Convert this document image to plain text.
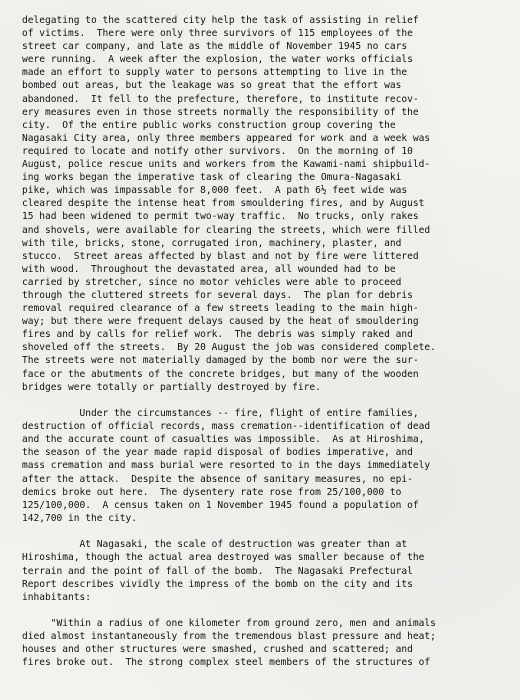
delegating to the scattered city help the task of assisting in relief
of victims.  There were only three survivors of 115 employees of the
street car company, and late as the middle of November 1945 no cars
were running.  A week after the explosion, the water works officials
made an effort to supply water to persons attempting to live in the
bombed out areas, but the leakage was so great that the effort was
abandoned.  It fell to the prefecture, therefore, to institute recov-
ery measures even in those streets normally the responsibility of the
city.  Of the entire public works construction group covering the
Nagasaki City area, only three members appeared for work and a week was
required to locate and notify other survivors.  On the morning of 10
August, police rescue units and workers from the Kawami-nami shipbuild-
ing works began the imperative task of clearing the Omura-Nagasaki
pike, which was impassable for 8,000 feet.  A path 6½ feet wide was
cleared despite the intense heat from smouldering fires, and by August
15 had been widened to permit two-way traffic.  No trucks, only rakes
and shovels, were available for clearing the streets, which were filled
with tile, bricks, stone, corrugated iron, machinery, plaster, and
stucco.  Street areas affected by blast and not by fire were littered
with wood.  Throughout the devastated area, all wounded had to be
carried by stretcher, since no motor vehicles were able to proceed
through the cluttered streets for several days.  The plan for debris
removal required clearance of a few streets leading to the main high-
way; but there were frequent delays caused by the heat of smouldering
fires and by calls for relief work.  The debris was simply raked and
shoveled off the streets.  By 20 August the job was considered complete.
The streets were not materially damaged by the bomb nor were the sur-
face or the abutments of the concrete bridges, but many of the wooden
bridges were totally or partially destroyed by fire.
Under the circumstances -- fire, flight of entire families,
destruction of official records, mass cremation--identification of dead
and the accurate count of casualties was impossible.  As at Hiroshima,
the season of the year made rapid disposal of bodies imperative, and
mass cremation and mass burial were resorted to in the days immediately
after the attack.  Despite the absence of sanitary measures, no epi-
demics broke out here.  The dysentery rate rose from 25/100,000 to
125/100,000.  A census taken on 1 November 1945 found a population of
142,700 in the city.
At Nagasaki, the scale of destruction was greater than at
Hiroshima, though the actual area destroyed was smaller because of the
terrain and the point of fall of the bomb.  The Nagasaki Prefectural
Report describes vividly the impress of the bomb on the city and its
inhabitants:
"Within a radius of one kilometer from ground zero, men and animals
died almost instantaneously from the tremendous blast pressure and heat;
houses and other structures were smashed, crushed and scattered; and
fires broke out.  The strong complex steel members of the structures of
